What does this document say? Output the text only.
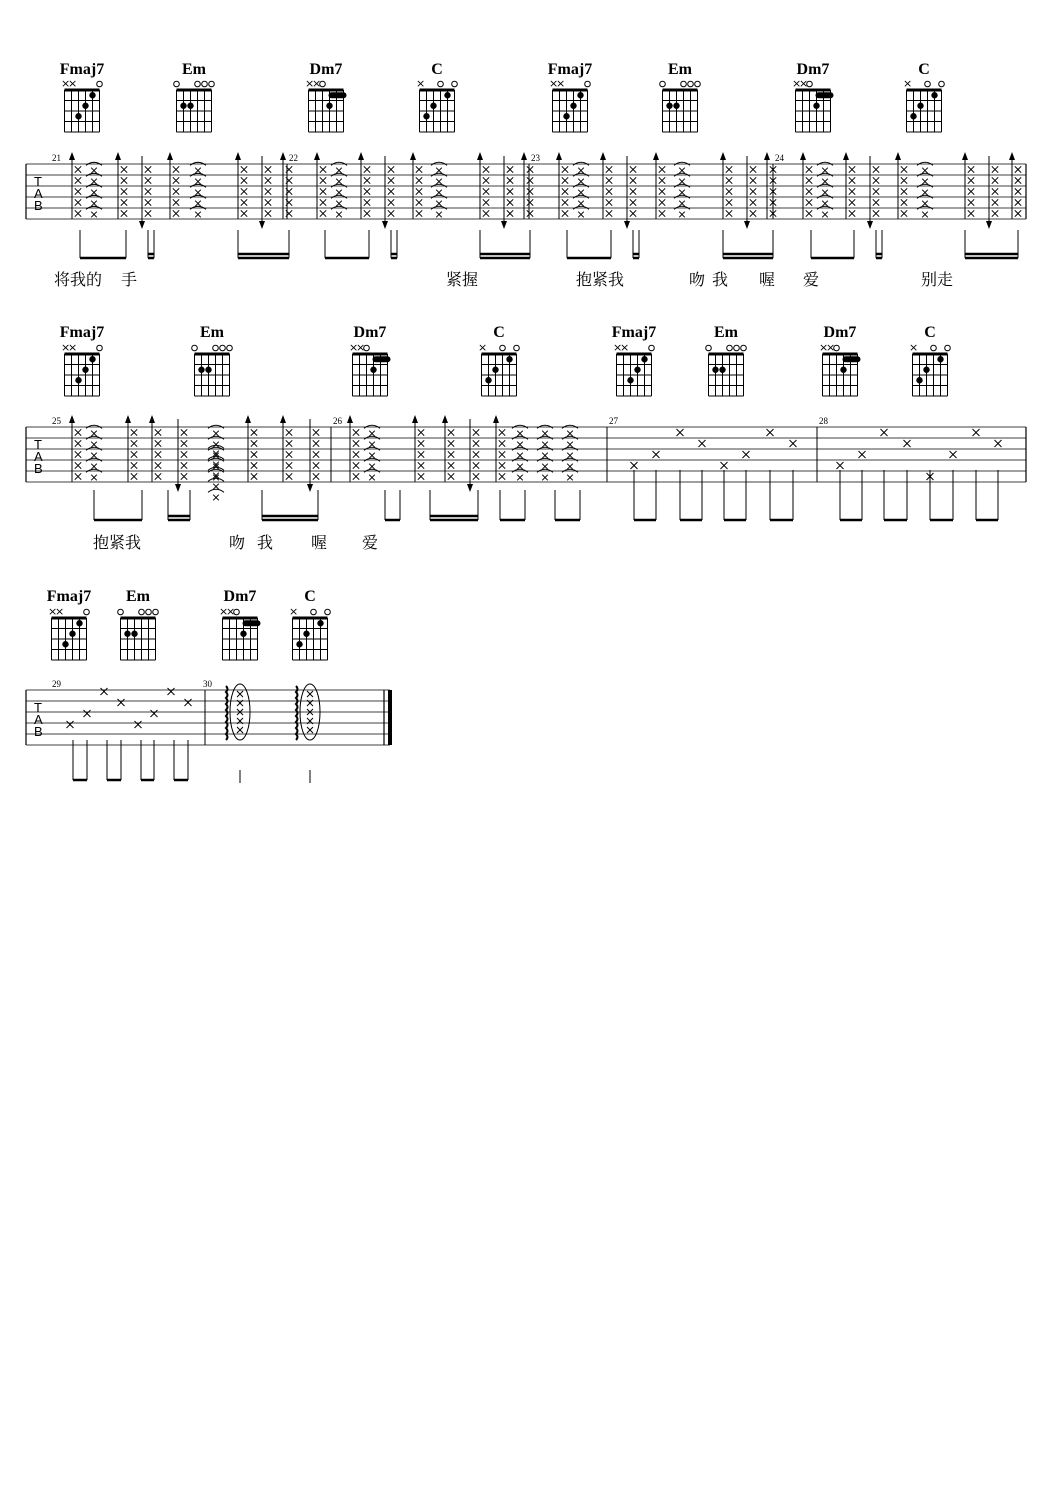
×
×	×
×	×	×
×	×
×	×
T
A
B
21	22	23	24
×
×	×
×	×	×
×	×
×	×
T
A
B
25	26	27	28
×
×	×
×	×
T
A
B
29	30
Fmaj7	Em	Dm7	C	Fmaj7	Em	Dm7	C
将我的 手	紧握	抱紧我	吻 我 喔 爱	别走
Fmaj7	Em	Dm7	C	Fmaj7	Em	Dm7	C
抱紧我	吻 我 喔 爱
Fmaj7	Em	Dm7	C
